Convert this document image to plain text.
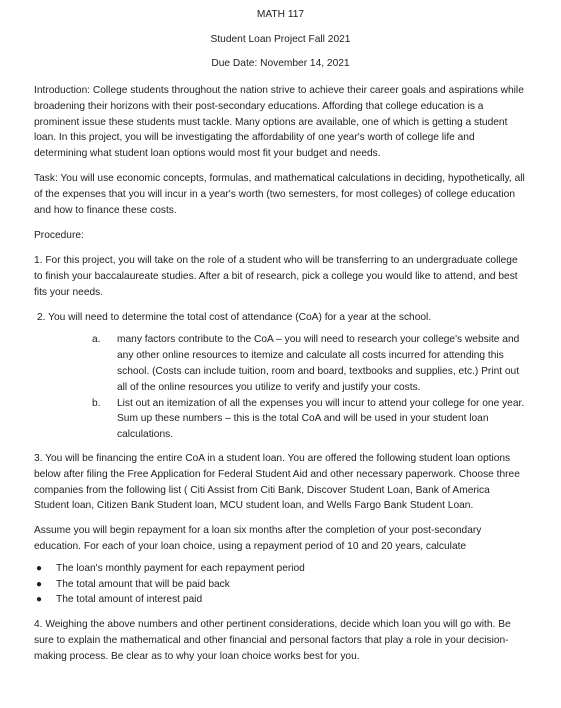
MATH 117
Student Loan Project Fall 2021
Due Date: November 14, 2021

Introduction: College students throughout the nation strive to achieve their career goals and aspirations while broadening their horizons with their post-secondary educations. Affording that college education is a prominent issue these students must tackle. Many options are available, one of which is getting a student loan. In this project, you will be investigating the affordability of one year's worth of college life and determining what student loan options would most fit your budget and needs.

Task: You will use economic concepts, formulas, and mathematical calculations in deciding, hypothetically, all of the expenses that you will incur in a year's worth (two semesters, for most colleges) of college education and how to finance these costs.

Procedure:

1. For this project, you will take on the role of a student who will be transferring to an undergraduate college to finish your baccalaureate studies. After a bit of research, pick a college you would like to attend, and best fits your needs.

2. You will need to determine the total cost of attendance (CoA) for a year at the school.

a.	many factors contribute to the CoA – you will need to research your college's website and any other online resources to itemize and calculate all costs incurred for attending this school. (Costs can include tuition, room and board, textbooks and supplies, etc.) Print out all of the online resources you utilize to verify and justify your costs.
b.	List out an itemization of all the expenses you will incur to attend your college for one year. Sum up these numbers – this is the total CoA and will be used in your student loan calculations.

3. You will be financing the entire CoA in a student loan. You are offered the following student loan options below after filing the Free Application for Federal Student Aid and other necessary paperwork. Choose three companies from the following list ( Citi Assist from Citi Bank, Discover Student Loan, Bank of America Student loan, Citizen Bank Student loan, MCU student loan, and Wells Fargo Bank Student Loan.

Assume you will begin repayment for a loan six months after the completion of your post-secondary education. For each of your loan choice, using a repayment period of 10 and 20 years, calculate

●	The loan's monthly payment for each repayment period
●	The total amount that will be paid back
●	The total amount of interest paid

4. Weighing the above numbers and other pertinent considerations, decide which loan you will go with. Be sure to explain the mathematical and other financial and personal factors that play a role in your decision-making process. Be clear as to why your loan choice works best for you.
